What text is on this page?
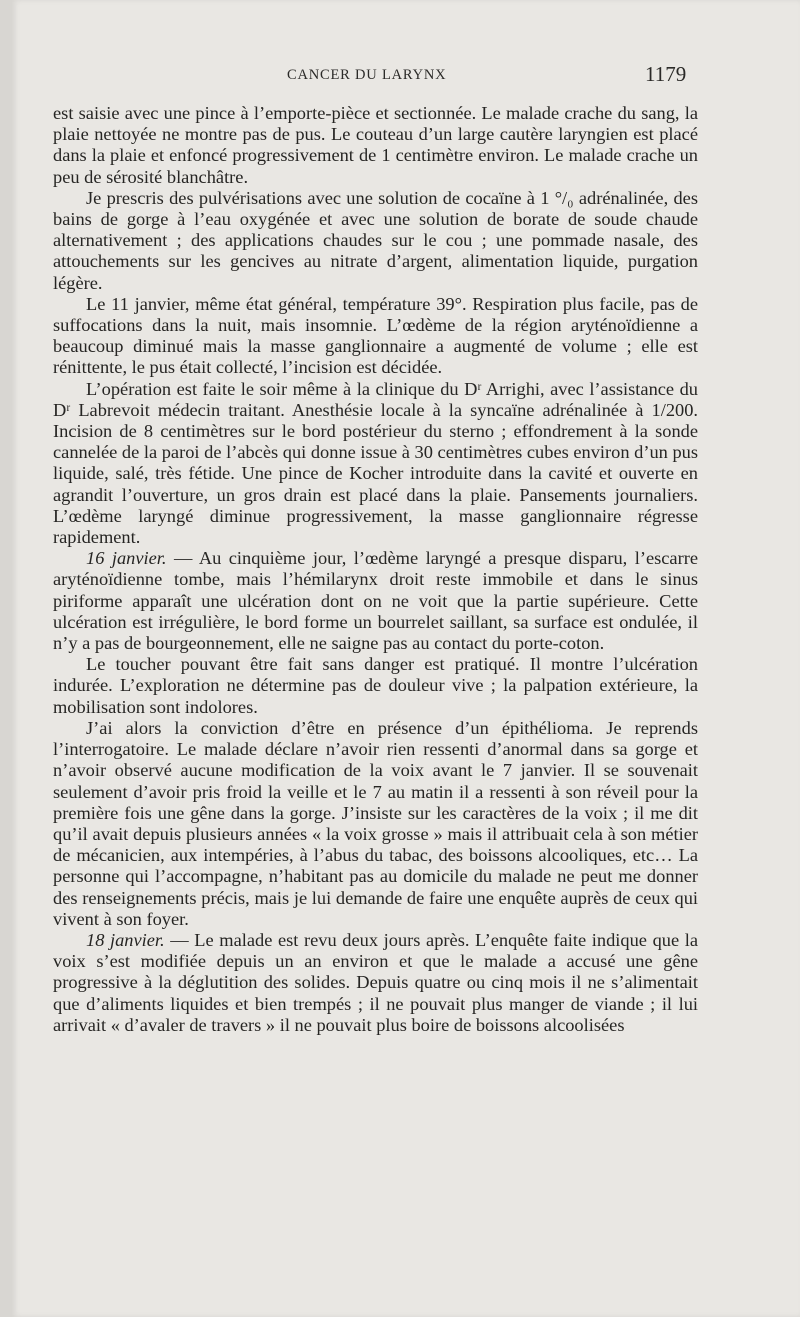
CANCER DU LARYNX	1179

est saisie avec une pince à l’emporte-pièce et sectionnée. Le malade crache du sang, la plaie nettoyée ne montre pas de pus. Le couteau d’un large cautère laryngien est placé dans la plaie et enfoncé progressivement de 1 centimètre environ. Le malade crache un peu de sérosité blanchâtre.

Je prescris des pulvérisations avec une solution de cocaïne à 1 °/₀ adrénalinée, des bains de gorge à l’eau oxygénée et avec une solution de borate de soude chaude alternativement ; des applications chaudes sur le cou ; une pommade nasale, des attouchements sur les gencives au nitrate d’argent, alimentation liquide, purgation légère.

Le 11 janvier, même état général, température 39°. Respiration plus facile, pas de suffocations dans la nuit, mais insomnie. L’œdème de la région aryténoïdienne a beaucoup diminué mais la masse ganglionnaire a augmenté de volume ; elle est rénittente, le pus était collecté, l’incision est décidée.

L’opération est faite le soir même à la clinique du Dʳ Arrighi, avec l’assistance du Dʳ Labrevoit médecin traitant. Anesthésie locale à la syncaïne adrénalinée à 1/200. Incision de 8 centimètres sur le bord postérieur du sterno ; effondrement à la sonde cannelée de la paroi de l’abcès qui donne issue à 30 centimètres cubes environ d’un pus liquide, salé, très fétide. Une pince de Kocher introduite dans la cavité et ouverte en agrandit l’ouverture, un gros drain est placé dans la plaie. Pansements journaliers. L’œdème laryngé diminue progressivement, la masse ganglionnaire régresse rapidement.

16 janvier. — Au cinquième jour, l’œdème laryngé a presque disparu, l’escarre aryténoïdienne tombe, mais l’hémilarynx droit reste immobile et dans le sinus piriforme apparaît une ulcération dont on ne voit que la partie supérieure. Cette ulcération est irrégulière, le bord forme un bourrelet saillant, sa surface est ondulée, il n’y a pas de bourgeonnement, elle ne saigne pas au contact du porte-coton.

Le toucher pouvant être fait sans danger est pratiqué. Il montre l’ulcération indurée. L’exploration ne détermine pas de douleur vive ; la palpation extérieure, la mobilisation sont indolores.

J’ai alors la conviction d’être en présence d’un épithélioma. Je reprends l’interrogatoire. Le malade déclare n’avoir rien ressenti d’anormal dans sa gorge et n’avoir observé aucune modification de la voix avant le 7 janvier. Il se souvenait seulement d’avoir pris froid la veille et le 7 au matin il a ressenti à son réveil pour la première fois une gêne dans la gorge. J’insiste sur les caractères de la voix ; il me dit qu’il avait depuis plusieurs années « la voix grosse » mais il attribuait cela à son métier de mécanicien, aux intempéries, à l’abus du tabac, des boissons alcooliques, etc… La personne qui l’accompagne, n’habitant pas au domicile du malade ne peut me donner des renseignements précis, mais je lui demande de faire une enquête auprès de ceux qui vivent à son foyer.

18 janvier. — Le malade est revu deux jours après. L’enquête faite indique que la voix s’est modifiée depuis un an environ et que le malade a accusé une gêne progressive à la déglutition des solides. Depuis quatre ou cinq mois il ne s’alimentait que d’aliments liquides et bien trempés ; il ne pouvait plus manger de viande ; il lui arrivait « d’avaler de travers » il ne pouvait plus boire de boissons alcoolisées
